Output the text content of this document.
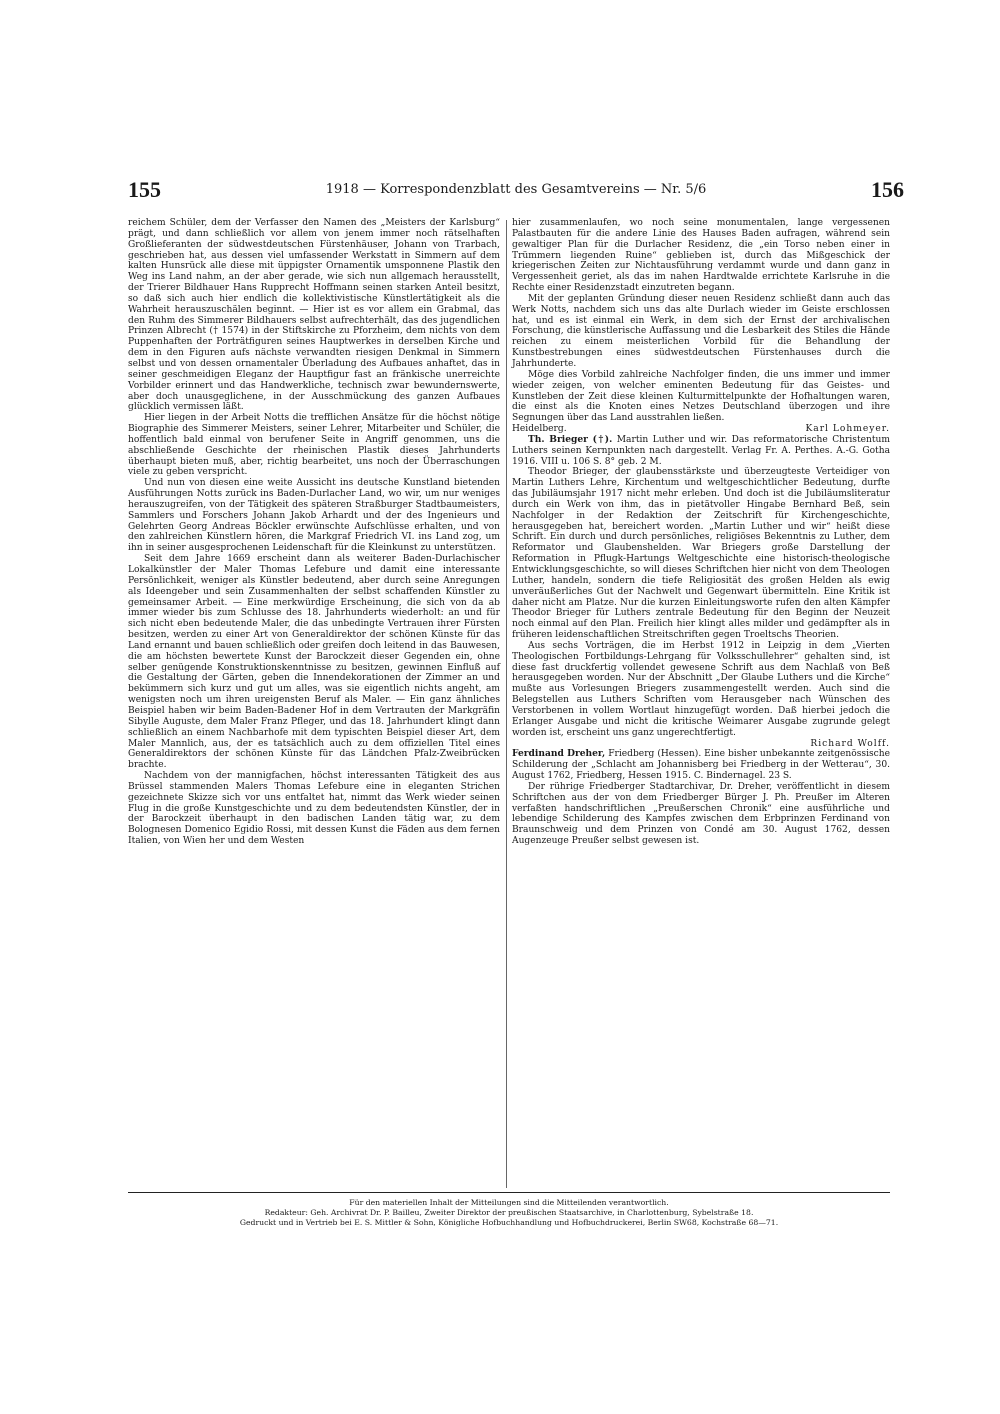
155	1918 — Korrespondenzblatt des Gesamtvereins — Nr. 5/6	156

reichem Schüler, dem der Verfasser den Namen des „Meisters der Karlsburg“ prägt, und dann schließlich vor allem von jenem immer noch rätselhaften Großlieferanten der südwestdeutschen Fürstenhäuser, Johann von Trarbach, geschrieben hat, aus dessen viel umfassender Werkstatt in Simmern auf dem kalten Hunsrück alle diese mit üppigster Ornamentik umsponnene Plastik den Weg ins Land nahm, an der aber gerade, wie sich nun allgemach herausstellt, der Trierer Bildhauer Hans Rupprecht Hoffmann seinen starken Anteil besitzt, so daß sich auch hier endlich die kollektivistische Künstlertätigkeit als die Wahrheit herauszuschälen beginnt. — Hier ist es vor allem ein Grabmal, das den Ruhm des Simmerer Bildhauers selbst aufrechterhält, das des jugendlichen Prinzen Albrecht († 1574) in der Stiftskirche zu Pforzheim, dem nichts von dem Puppenhaften der Porträtfiguren seines Hauptwerkes in derselben Kirche und dem in den Figuren aufs nächste verwandten riesigen Denkmal in Simmern selbst und von dessen ornamentaler Überladung des Aufbaues anhaftet, das in seiner geschmeidigen Eleganz der Hauptfigur fast an fränkische unerreichte Vorbilder erinnert und das Handwerkliche, technisch zwar bewundernswerte, aber doch unausgeglichene, in der Ausschmückung des ganzen Aufbaues glücklich vermissen läßt.

Hier liegen in der Arbeit Notts die trefflichen Ansätze für die höchst nötige Biographie des Simmerer Meisters, seiner Lehrer, Mitarbeiter und Schüler, die hoffentlich bald einmal von berufener Seite in Angriff genommen, uns die abschließende Geschichte der rheinischen Plastik dieses Jahrhunderts überhaupt bieten muß, aber, richtig bearbeitet, uns noch der Überraschungen viele zu geben verspricht.

Und nun von diesen eine weite Aussicht ins deutsche Kunstland bietenden Ausführungen Notts zurück ins Baden-Durlacher Land, wo wir, um nur weniges herauszugreifen, von der Tätigkeit des späteren Straßburger Stadtbaumeisters, Sammlers und Forschers Johann Jakob Arhardt und der des Ingenieurs und Gelehrten Georg Andreas Böckler erwünschte Aufschlüsse erhalten, und von den zahlreichen Künstlern hören, die Markgraf Friedrich VI. ins Land zog, um ihn in seiner ausgesprochenen Leidenschaft für die Kleinkunst zu unterstützen.

Seit dem Jahre 1669 erscheint dann als weiterer Baden-Durlachischer Lokalkünstler der Maler Thomas Lefebure und damit eine interessante Persönlichkeit, weniger als Künstler bedeutend, aber durch seine Anregungen als Ideengeber und sein Zusammenhalten der selbst schaffenden Künstler zu gemeinsamer Arbeit. — Eine merkwürdige Erscheinung, die sich von da ab immer wieder bis zum Schlusse des 18. Jahrhunderts wiederholt: an und für sich nicht eben bedeutende Maler, die das unbedingte Vertrauen ihrer Fürsten besitzen, werden zu einer Art von Generaldirektor der schönen Künste für das Land ernannt und bauen schließlich oder greifen doch leitend in das Bauwesen, die am höchsten bewertete Kunst der Barockzeit dieser Gegenden ein, ohne selber genügende Konstruktionskenntnisse zu besitzen, gewinnen Einfluß auf die Gestaltung der Gärten, geben die Innendekorationen der Zimmer an und bekümmern sich kurz und gut um alles, was sie eigentlich nichts angeht, am wenigsten noch um ihren ureigensten Beruf als Maler. — Ein ganz ähnliches Beispiel haben wir beim Baden-Badener Hof in dem Vertrauten der Markgräfin Sibylle Auguste, dem Maler Franz Pfleger, und das 18. Jahrhundert klingt dann schließlich an einem Nachbarhofe mit dem typischten Beispiel dieser Art, dem Maler Mannlich, aus, der es tatsächlich auch zu dem offiziellen Titel eines Generaldirektors der schönen Künste für das Ländchen Pfalz-Zweibrücken brachte.

Nachdem von der mannigfachen, höchst interessanten Tätigkeit des aus Brüssel stammenden Malers Thomas Lefebure eine in eleganten Strichen gezeichnete Skizze sich vor uns entfaltet hat, nimmt das Werk wieder seinen Flug in die große Kunstgeschichte und zu dem bedeutendsten Künstler, der in der Barockzeit überhaupt in den badischen Landen tätig war, zu dem Bolognesen Domenico Egidio Rossi, mit dessen Kunst die Fäden aus dem fernen Italien, von Wien her und dem Westen

hier zusammenlaufen, wo noch seine monumentalen, lange vergessenen Palastbauten für die andere Linie des Hauses Baden aufragen, während sein gewaltiger Plan für die Durlacher Residenz, die „ein Torso neben einer in Trümmern liegenden Ruine“ geblieben ist, durch das Mißgeschick der kriegerischen Zeiten zur Nichtausführung verdammt wurde und dann ganz in Vergessenheit geriet, als das im nahen Hardtwalde errichtete Karlsruhe in die Rechte einer Residenzstadt einzutreten begann.

Mit der geplanten Gründung dieser neuen Residenz schließt dann auch das Werk Notts, nachdem sich uns das alte Durlach wieder im Geiste erschlossen hat, und es ist einmal ein Werk, in dem sich der Ernst der archivalischen Forschung, die künstlerische Auffassung und die Lesbarkeit des Stiles die Hände reichen zu einem meisterlichen Vorbild für die Behandlung der Kunstbestrebungen eines südwestdeutschen Fürstenhauses durch die Jahrhunderte.

Möge dies Vorbild zahlreiche Nachfolger finden, die uns immer und immer wieder zeigen, von welcher eminenten Bedeutung für das Geistes- und Kunstleben der Zeit diese kleinen Kulturmittelpunkte der Hofhaltungen waren, die einst als die Knoten eines Netzes Deutschland überzogen und ihre Segnungen über das Land ausstrahlen ließen.

Heidelberg.	Karl Lohmeyer.

Th. Brieger (†). Martin Luther und wir. Das reformatorische Christentum Luthers seinen Kernpunkten nach dargestellt. Verlag Fr. A. Perthes. A.-G. Gotha 1916. VIII u. 106 S. 8° geb. 2 M.

Theodor Brieger, der glaubensstärkste und überzeugteste Verteidiger von Martin Luthers Lehre, Kirchentum und weltgeschichtlicher Bedeutung, durfte das Jubiläumsjahr 1917 nicht mehr erleben. Und doch ist die Jubiläumsliteratur durch ein Werk von ihm, das in pietätvoller Hingabe Bernhard Beß, sein Nachfolger in der Redaktion der Zeitschrift für Kirchengeschichte, herausgegeben hat, bereichert worden. „Martin Luther und wir“ heißt diese Schrift. Ein durch und durch persönliches, religiöses Bekenntnis zu Luther, dem Reformator und Glaubenshelden. War Briegers große Darstellung der Reformation in Pflugk-Hartungs Weltgeschichte eine historisch-theologische Entwicklungsgeschichte, so will dieses Schriftchen hier nicht von dem Theologen Luther, handeln, sondern die tiefe Religiosität des großen Helden als ewig unveräußerliches Gut der Nachwelt und Gegenwart übermitteln. Eine Kritik ist daher nicht am Platze. Nur die kurzen Einleitungsworte rufen den alten Kämpfer Theodor Brieger für Luthers zentrale Bedeutung für den Beginn der Neuzeit noch einmal auf den Plan. Freilich hier klingt alles milder und gedämpfter als in früheren leidenschaftlichen Streitschriften gegen Troeltschs Theorien.

Aus sechs Vorträgen, die im Herbst 1912 in Leipzig in dem „Vierten Theologischen Fortbildungs-Lehrgang für Volksschullehrer“ gehalten sind, ist diese fast druckfertig vollendet gewesene Schrift aus dem Nachlaß von Beß herausgegeben worden. Nur der Abschnitt „Der Glaube Luthers und die Kirche“ mußte aus Vorlesungen Briegers zusammengestellt werden. Auch sind die Belegstellen aus Luthers Schriften vom Herausgeber nach Wünschen des Verstorbenen in vollem Wortlaut hinzugefügt worden. Daß hierbei jedoch die Erlanger Ausgabe und nicht die kritische Weimarer Ausgabe zugrunde gelegt worden ist, erscheint uns ganz ungerechtfertigt.

Richard Wolff.

Ferdinand Dreher, Friedberg (Hessen). Eine bisher unbekannte zeitgenössische Schilderung der „Schlacht am Johannisberg bei Friedberg in der Wetterau“, 30. August 1762, Friedberg, Hessen 1915. C. Bindernagel. 23 S.

Der rührige Friedberger Stadtarchivar, Dr. Dreher, veröffentlicht in diesem Schriftchen aus der von dem Friedberger Bürger J. Ph. Preußer im Alteren verfaßten handschriftlichen „Preußerschen Chronik“ eine ausführliche und lebendige Schilderung des Kampfes zwischen dem Erbprinzen Ferdinand von Braunschweig und dem Prinzen von Condé am 30. August 1762, dessen Augenzeuge Preußer selbst gewesen ist.

Für den materiellen Inhalt der Mitteilungen sind die Mitteilenden verantwortlich.
Redakteur: Geh. Archivrat Dr. P. Bailleu, Zweiter Direktor der preußischen Staatsarchive, in Charlottenburg, Sybelstraße 18.
Gedruckt und in Vertrieb bei E. S. Mittler & Sohn, Königliche Hofbuchhandlung und Hofbuchdruckerei, Berlin SW68, Kochstraße 68—71.
